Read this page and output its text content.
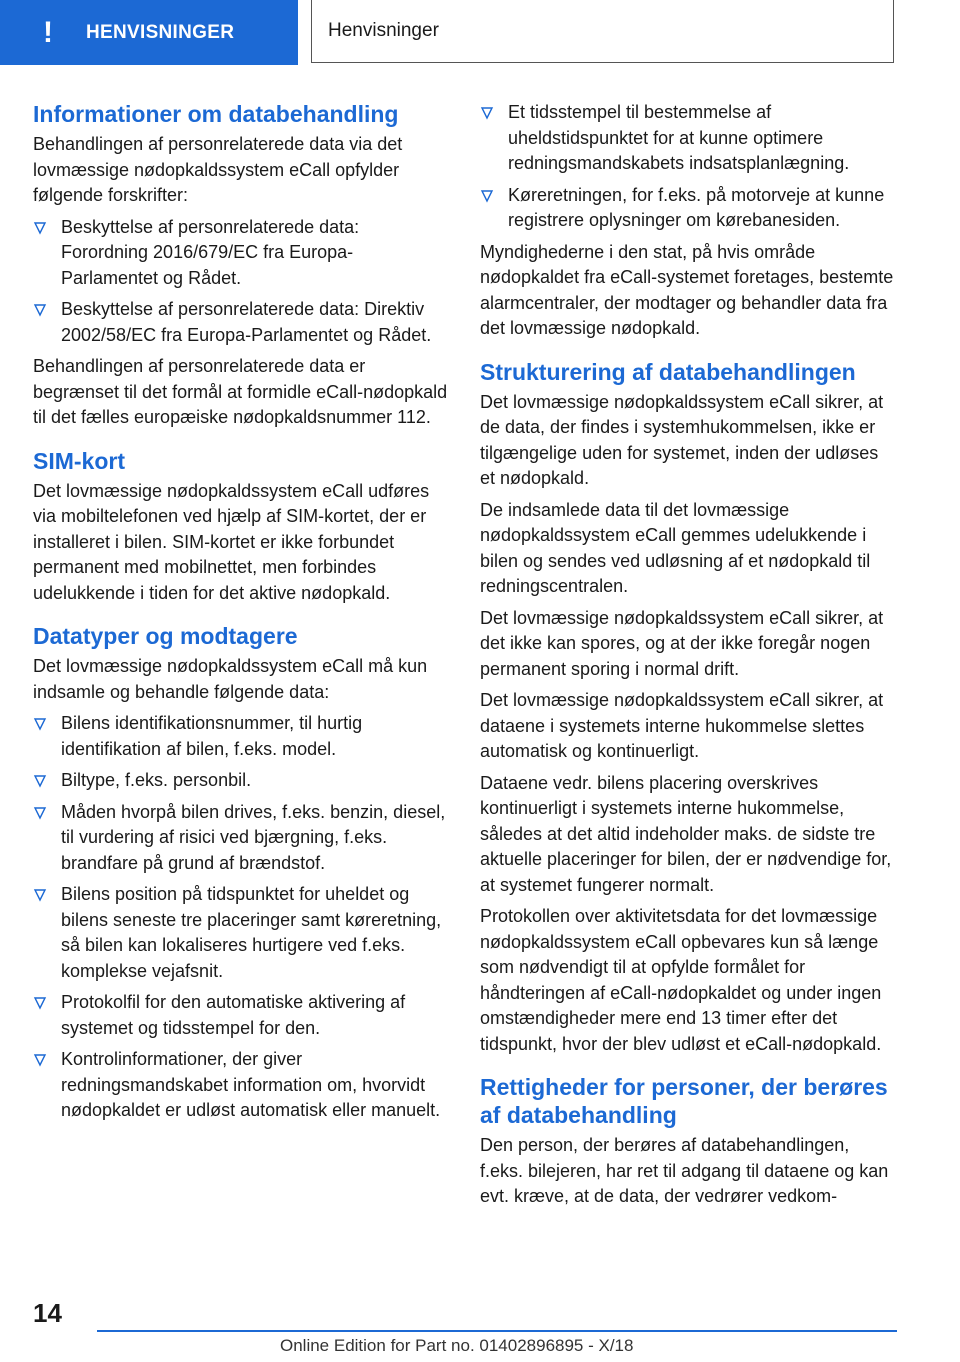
!	HENVISNINGER	Henvisninger
Informationer om databehandling

Behandlingen af personrelaterede data via det lovmæssige nødopkaldssystem eCall opfylder følgende forskrifter:

Beskyttelse af personrelaterede data: Forordning 2016/679/EC fra Europa-Parlamentet og Rådet.
Beskyttelse af personrelaterede data: Direktiv 2002/58/EC fra Europa-Parlamentet og Rådet.

Behandlingen af personrelaterede data er begrænset til det formål at formidle eCall-nødopkald til det fælles europæiske nødopkaldsnummer 112.

SIM-kort

Det lovmæssige nødopkaldssystem eCall udføres via mobiltelefonen ved hjælp af SIM-kortet, der er installeret i bilen. SIM-kortet er ikke forbundet permanent med mobilnettet, men forbindes udelukkende i tiden for det aktive nødopkald.

Datatyper og modtagere

Det lovmæssige nødopkaldssystem eCall må kun indsamle og behandle følgende data:

Bilens identifikationsnummer, til hurtig identifikation af bilen, f.eks. model.
Biltype, f.eks. personbil.
Måden hvorpå bilen drives, f.eks. benzin, diesel, til vurdering af risici ved bjærgning, f.eks. brandfare på grund af brændstof.
Bilens position på tidspunktet for uheldet og bilens seneste tre placeringer samt køreretning, så bilen kan lokaliseres hurtigere ved f.eks. komplekse vejafsnit.
Protokolfil for den automatiske aktivering af systemet og tidsstempel for den.
Kontrolinformationer, der giver redningsmandskabet information om, hvorvidt nødopkaldet er udløst automatisk eller manuelt.
Et tidsstempel til bestemmelse af uheldstidspunktet for at kunne optimere redningsmandskabets indsatsplanlægning.
Køreretningen, for f.eks. på motorveje at kunne registrere oplysninger om kørebanesiden.

Myndighederne i den stat, på hvis område nødopkaldet fra eCall-systemet foretages, bestemte alarmcentraler, der modtager og behandler data fra det lovmæssige nødopkald.

Strukturering af databehandlingen

Det lovmæssige nødopkaldssystem eCall sikrer, at de data, der findes i systemhukommelsen, ikke er tilgængelige uden for systemet, inden der udløses et nødopkald.

De indsamlede data til det lovmæssige nødopkaldssystem eCall gemmes udelukkende i bilen og sendes ved udløsning af et nødopkald til redningscentralen.

Det lovmæssige nødopkaldssystem eCall sikrer, at det ikke kan spores, og at der ikke foregår nogen permanent sporing i normal drift.

Det lovmæssige nødopkaldssystem eCall sikrer, at dataene i systemets interne hukommelse slettes automatisk og kontinuerligt.

Dataene vedr. bilens placering overskrives kontinuerligt i systemets interne hukommelse, således at det altid indeholder maks. de sidste tre aktuelle placeringer for bilen, der er nødvendige for, at systemet fungerer normalt.

Protokollen over aktivitetsdata for det lovmæssige nødopkaldssystem eCall opbevares kun så længe som nødvendigt til at opfylde formålet for håndteringen af eCall-nødopkaldet og under ingen omstændigheder mere end 13 timer efter det tidspunkt, hvor der blev udløst et eCall-nødopkald.

Rettigheder for personer, der berøres af databehandling

Den person, der berøres af databehandlingen, f.eks. bilejeren, har ret til adgang til dataene og kan evt. kræve, at de data, der vedrører vedkom-

14
Online Edition for Part no. 01402896895 - X/18
